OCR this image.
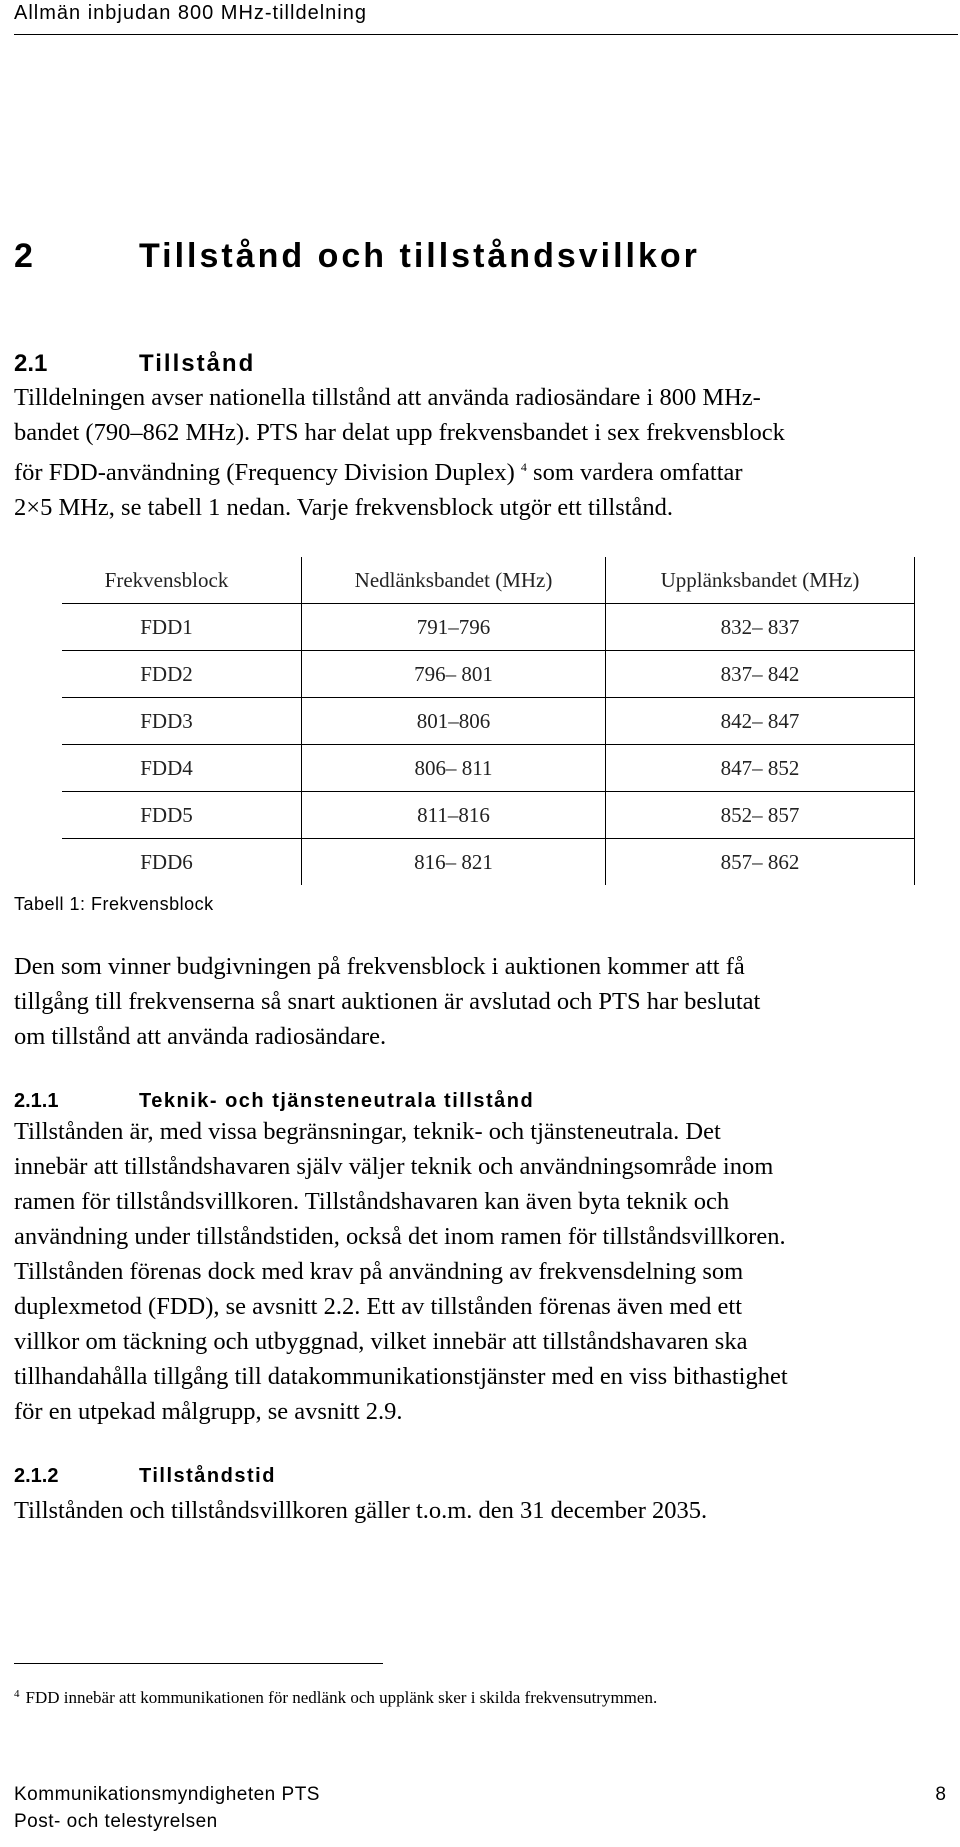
Allmän inbjudan 800 MHz-tilldelning
2	Tillstånd och tillståndsvillkor
2.1	Tillstånd
Tilldelningen avser nationella tillstånd att använda radiosändare i 800 MHz-
bandet (790–862 MHz). PTS har delat upp frekvensbandet i sex frekvensblock
för FDD-användning (Frequency Division Duplex) $^4$ som vardera omfattar
2×5 MHz, se tabell 1 nedan. Varje frekvensblock utgör ett tillstånd.
Frekvensblock	Nedlänksbandet (MHz)	Upplänksbandet (MHz)
FDD1	791–796	832– 837
FDD2	796– 801	837– 842
FDD3	801–806	842– 847
FDD4	806– 811	847– 852
FDD5	811–816	852– 857
FDD6	816– 821	857– 862
Tabell 1: Frekvensblock
Den som vinner budgivningen på frekvensblock i auktionen kommer att få
tillgång till frekvenserna så snart auktionen är avslutad och PTS har beslutat
om tillstånd att använda radiosändare.
2.1.1	Teknik- och tjänsteneutrala tillstånd
Tillstånden är, med vissa begränsningar, teknik- och tjänsteneutrala. Det
innebär att tillståndshavaren själv väljer teknik och användningsområde inom
ramen för tillståndsvillkoren. Tillståndshavaren kan även byta teknik och
användning under tillståndstiden, också det inom ramen för tillståndsvillkoren.
Tillstånden förenas dock med krav på användning av frekvensdelning som
duplexmetod (FDD), se avsnitt 2.2. Ett av tillstånden förenas även med ett
villkor om täckning och utbyggnad, vilket innebär att tillståndshavaren ska
tillhandahålla tillgång till datakommunikationstjänster med en viss bithastighet
för en utpekad målgrupp, se avsnitt 2.9.
2.1.2	Tillståndstid
Tillstånden och tillståndsvillkoren gäller t.o.m. den 31 december 2035.
$^4$ FDD innebär att kommunikationen för nedlänk och upplänk sker i skilda frekvensutrymmen.
Kommunikationsmyndigheten PTS
Post- och telestyrelsen
8
